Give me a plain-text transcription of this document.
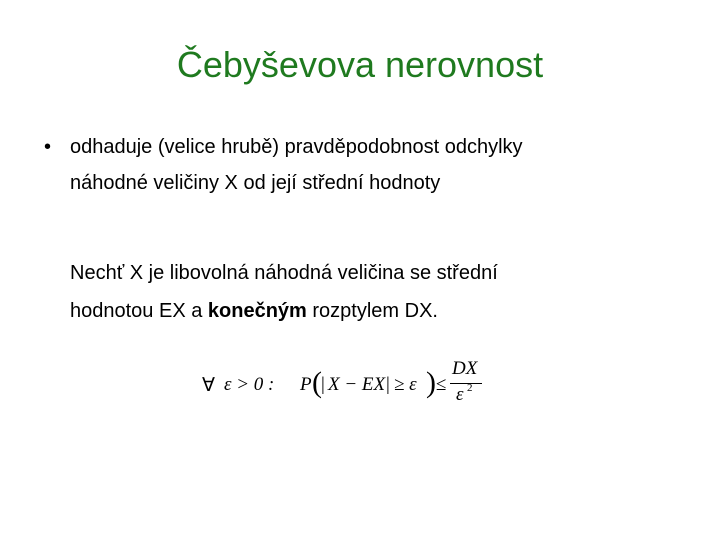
Čebyševova nerovnost
• odhaduje (velice hrubě) pravděpodobnost odchylky
náhodné veličiny X od její střední hodnoty
Nechť X je libovolná náhodná veličina se střední
hodnotou EX a konečným rozptylem DX.
∀ ε > 0 : P ( | X − EX | ≥ ε ) ≤
DX
ε 2
